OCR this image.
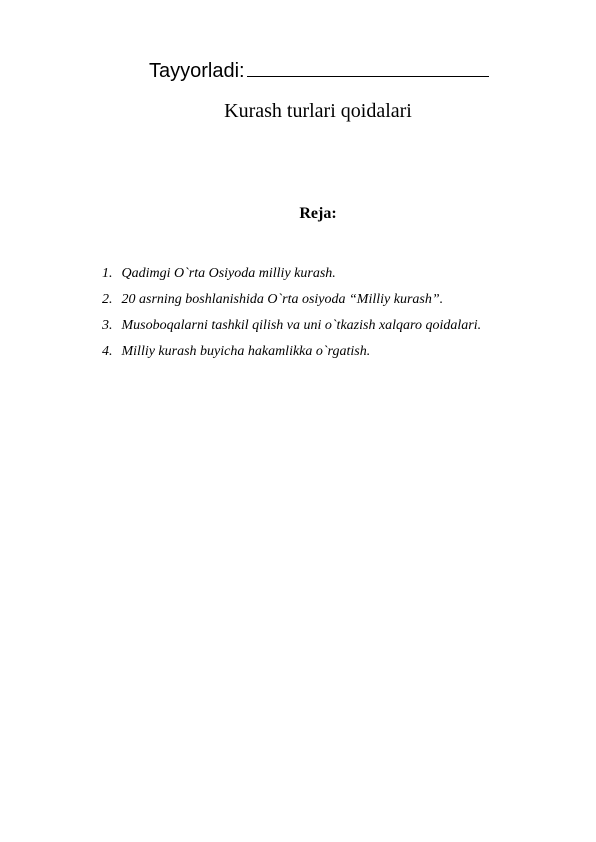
Tayyorladi:
Kurash turlari qoidalari
Reja:
1. Qadimgi O`rta Osiyoda milliy kurash.
2. 20 asrning boshlanishida O`rta osiyoda “Milliy kurash”.
3. Musoboqalarni tashkil qilish va uni o`tkazish xalqaro qoidalari.
4. Milliy kurash buyicha hakamlikka o`rgatish.
